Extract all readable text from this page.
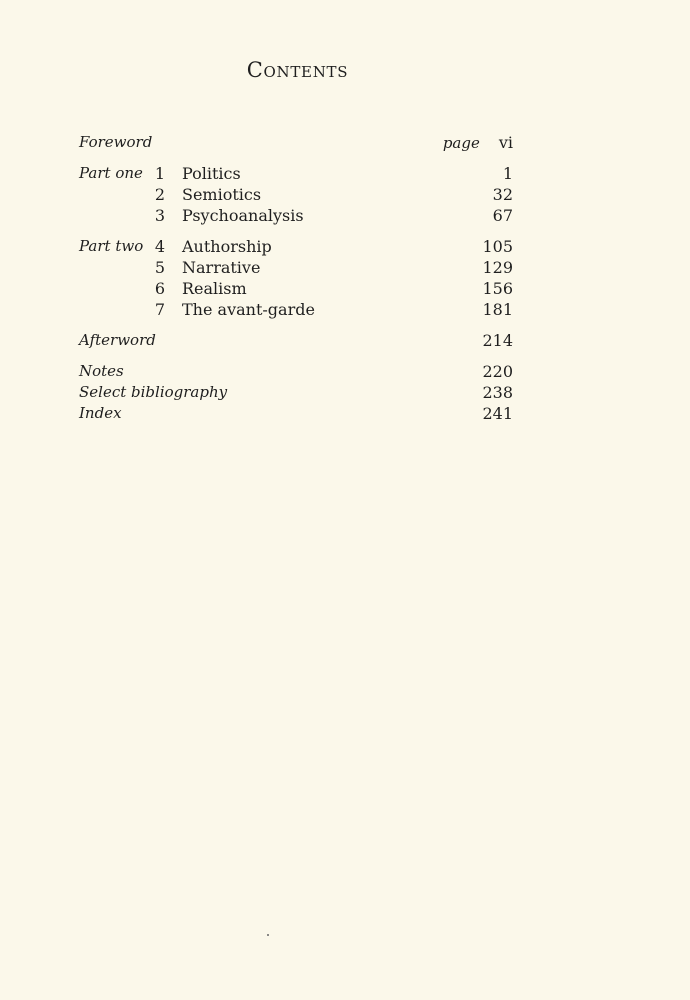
Contents
Foreword	page vi
Part one 1 Politics	1
2 Semiotics	32
3 Psychoanalysis	67
Part two 4 Authorship	105
5 Narrative	129
6 Realism	156
7 The avant-garde	181
Afterword	214
Notes	220
Select bibliography	238
Index	241
